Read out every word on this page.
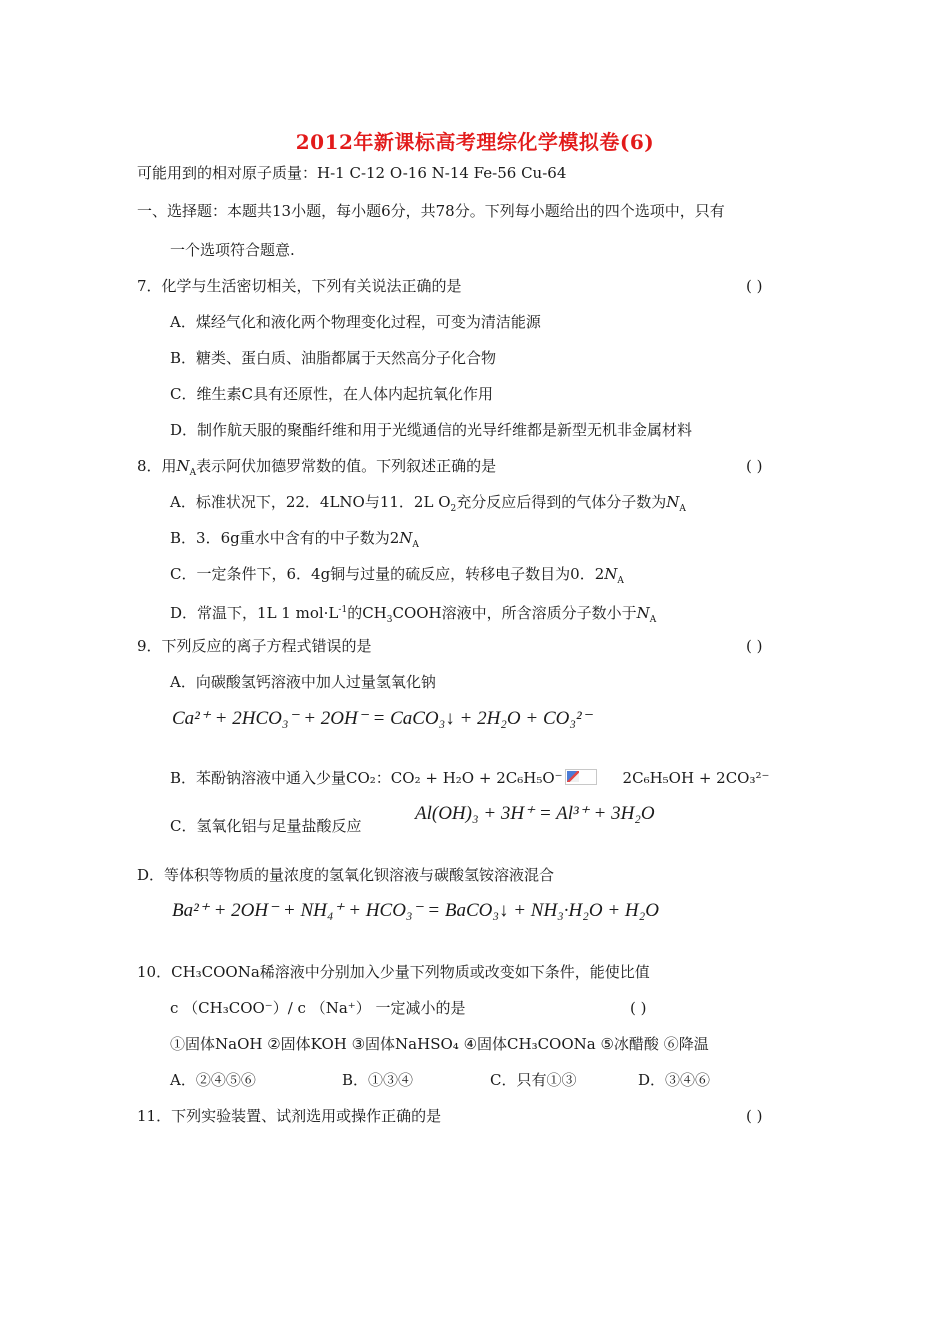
2012年新课标高考理综化学模拟卷(6)
可能用到的相对原子质量：H-1 C-12 O-16 N-14 Fe-56 Cu-64
一、选择题：本题共13小题，每小题6分，共78分。下列每小题给出的四个选项中，只有
一个选项符合题意.
7．化学与生活密切相关，下列有关说法正确的是	( )
A．煤经气化和液化两个物理变化过程，可变为清洁能源
B．糖类、蛋白质、油脂都属于天然高分子化合物
C．维生素C具有还原性，在人体内起抗氧化作用
D．制作航天服的聚酯纤维和用于光缆通信的光导纤维都是新型无机非金属材料
8．用$N_A$表示阿伏加德罗常数的值。下列叙述正确的是	( )
A．标准状况下，22．4LNO与11．2L $O_2$充分反应后得到的气体分子数为$N_A$
B．3．6g重水中含有的中子数为$2N_A$
C．一定条件下，6．4g铜与过量的硫反应，转移电子数目为0．$2N_A$
D．常温下，1L 1 $mol\cdot L^{-1}$的$CH_3COOH$溶液中，所含溶质分子数小于$N_A$
9．下列反应的离子方程式错误的是	( )
A．向碳酸氢钙溶液中加人过量氢氧化钠
Ca²⁺ + 2HCO₃⁻ + 2OH⁻ = CaCO₃↓ + 2H₂O + CO₃²⁻
B．苯酚钠溶液中通入少量CO₂：CO₂ + H₂O + 2C₆H₅O⁻	2C₆H₅OH + 2CO₃²⁻
C．氢氧化铝与足量盐酸反应
Al(OH)₃ + 3H⁺ = Al³⁺ + 3H₂O
D．等体积等物质的量浓度的氢氧化钡溶液与碳酸氢铵溶液混合
Ba²⁺ + 2OH⁻ + NH₄⁺ + HCO₃⁻ = BaCO₃↓ + NH₃·H₂O + H₂O
10．CH₃COONa稀溶液中分别加入少量下列物质或改变如下条件，能使比值
c （CH₃COO⁻）/ c （Na⁺） 一定减小的是	( )
①固体NaOH ②固体KOH ③固体NaHSO₄ ④固体CH₃COONa ⑤冰醋酸 ⑥降温
A．②④⑤⑥	B．①③④	C．只有①③	D．③④⑥
11．下列实验装置、试剂选用或操作正确的是	( )
